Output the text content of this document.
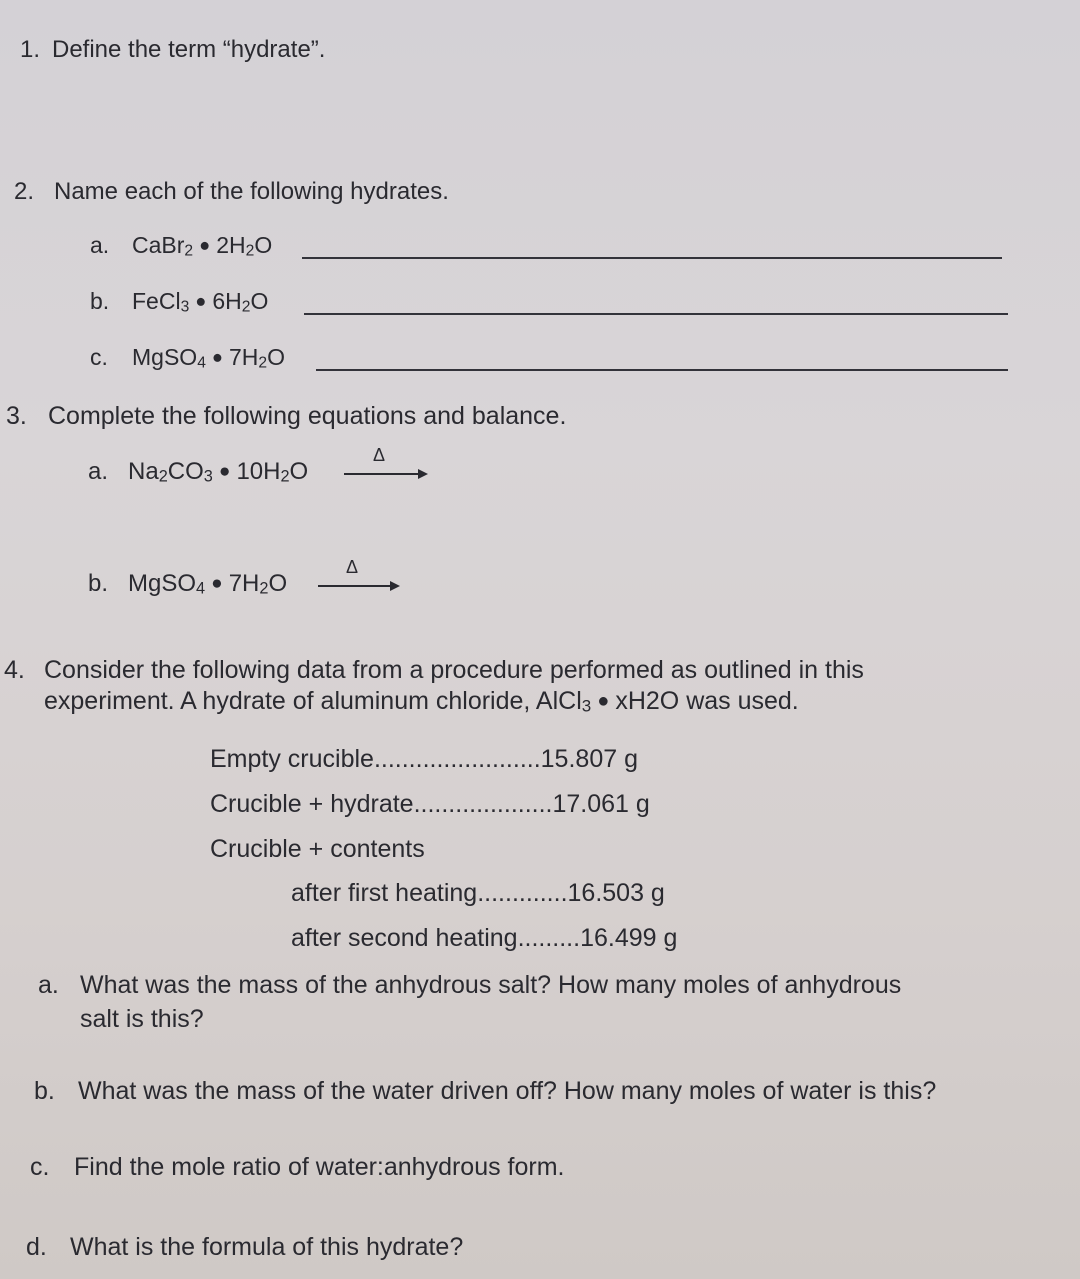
1. Define the term “hydrate”.
2. Name each of the following hydrates.
a. CaBr$_2$ ● $2H_2O$
b. FeCl$_3$ ● $6H_2O$
c. MgSO$_4$ ● $7H_2O$
3. Complete the following equations and balance.
a. $Na_2CO_3$ ● $10H_2O$
Δ
b. MgSO$_4$ ● $7H_2O$
Δ
4. Consider the following data from a procedure performed as outlined in this
experiment. A hydrate of aluminum chloride, AlCl$_3$ ● xH2O was used.
Empty crucible........................15.807 g
Crucible + hydrate....................17.061 g
Crucible + contents
after first heating.............16.503 g
after second heating.........16.499 g
a. What was the mass of the anhydrous salt? How many moles of anhydrous
salt is this?
b. What was the mass of the water driven off? How many moles of water is this?
c. Find the mole ratio of water:anhydrous form.
d. What is the formula of this hydrate?
